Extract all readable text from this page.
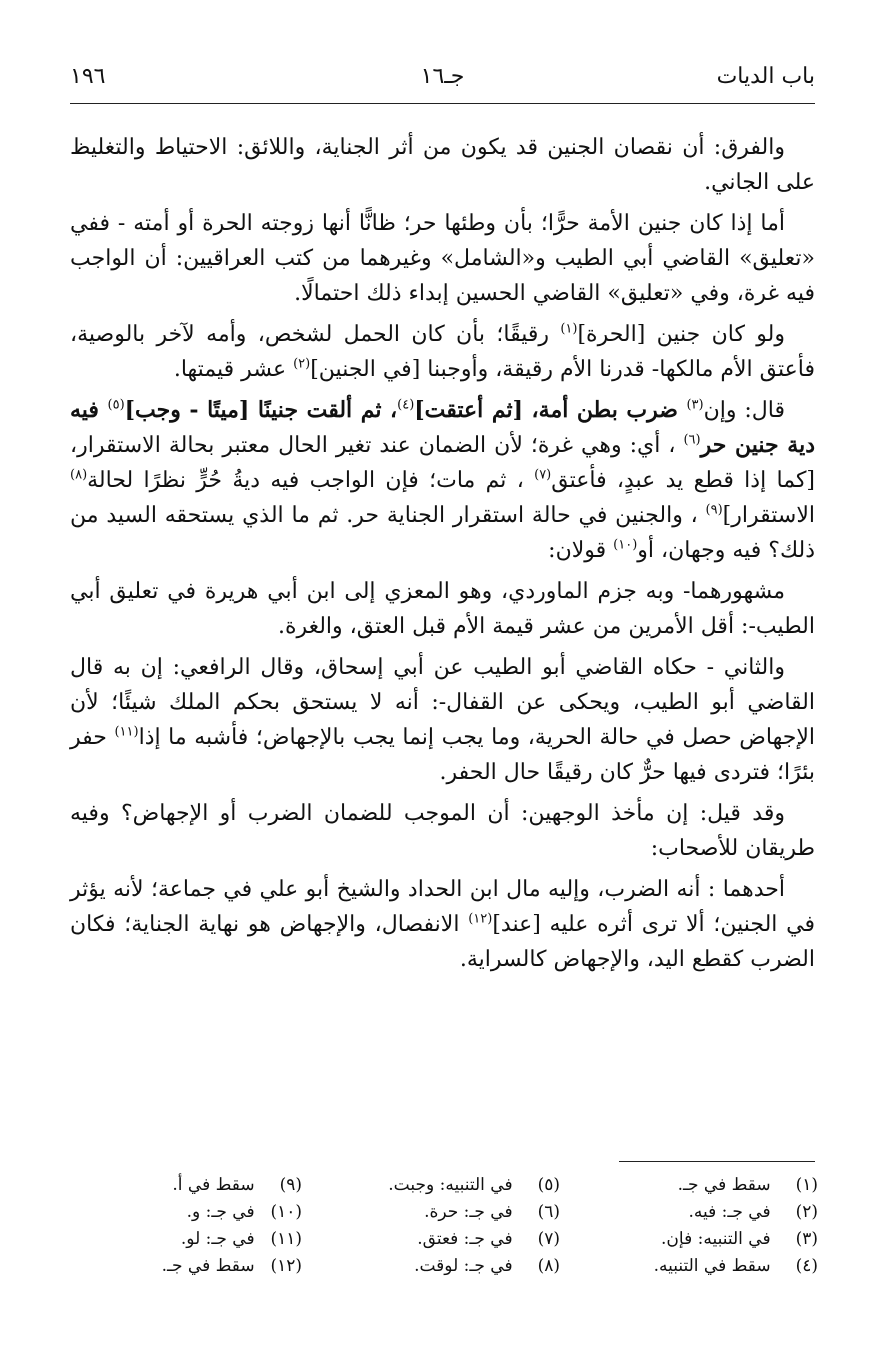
باب الديات
جـ١٦
١٩٦

والفرق: أن نقصان الجنين قد يكون من أثر الجناية، واللائق: الاحتياط والتغليظ على الجاني.

أما إذا كان جنين الأمة حرًّا؛ بأن وطئها حر؛ ظانًّا أنها زوجته الحرة أو أمته - ففي «تعليق» القاضي أبي الطيب و«الشامل» وغيرهما من كتب العراقيين: أن الواجب فيه غرة، وفي «تعليق» القاضي الحسين إبداء ذلك احتمالًا.

ولو كان جنين [الحرة]$^{(١)}$ رقيقًا؛ بأن كان الحمل لشخص، وأمه لآخر بالوصية، فأعتق الأم مالكها- قدرنا الأم رقيقة، وأوجبنا [في الجنين]$^{(٢)}$ عشر قيمتها.

قال: وإن$^{(٣)}$ ضرب بطن أمة، [ثم أعتقت]$^{(٤)}$، ثم ألقت جنينًا [ميتًا - وجب]$^{(٥)}$ فيه دية جنين حر$^{(٦)}$ ، أي: وهي غرة؛ لأن الضمان عند تغير الحال معتبر بحالة الاستقرار، [كما إذا قطع يد عبدٍ، فأعتق$^{(٧)}$ ، ثم مات؛ فإن الواجب فيه ديةُ حُرٍّ نظرًا لحالة$^{(٨)}$ الاستقرار]$^{(٩)}$ ، والجنين في حالة استقرار الجناية حر. ثم ما الذي يستحقه السيد من ذلك؟ فيه وجهان، أو$^{(١٠)}$ قولان:

مشهورهما- وبه جزم الماوردي، وهو المعزي إلى ابن أبي هريرة في تعليق أبي الطيب-: أقل الأمرين من عشر قيمة الأم قبل العتق، والغرة.

والثاني - حكاه القاضي أبو الطيب عن أبي إسحاق، وقال الرافعي: إن به قال القاضي أبو الطيب، ويحكى عن القفال-: أنه لا يستحق بحكم الملك شيئًا؛ لأن الإجهاض حصل في حالة الحرية، وما يجب إنما يجب بالإجهاض؛ فأشبه ما إذا$^{(١١)}$ حفر بئرًا؛ فتردى فيها حرٌّ كان رقيقًا حال الحفر.

وقد قيل: إن مأخذ الوجهين: أن الموجب للضمان الضرب أو الإجهاض؟ وفيه طريقان للأصحاب:

أحدهما : أنه الضرب، وإليه مال ابن الحداد والشيخ أبو علي في جماعة؛ لأنه يؤثر في الجنين؛ ألا ترى أثره عليه [عند]$^{(١٢)}$ الانفصال، والإجهاض هو نهاية الجناية؛ فكان الضرب كقطع اليد، والإجهاض كالسراية.

(١) سقط في جـ.
(٢) في جـ: فيه.
(٣) في التنبيه: فإن.
(٤) سقط في التنبيه.
(٥) في التنبيه: وجبت.
(٦) في جـ: حرة.
(٧) في جـ: فعتق.
(٨) في جـ: لوقت.
(٩) سقط في أ.
(١٠) في جـ: و.
(١١) في جـ: لو.
(١٢) سقط في جـ.
